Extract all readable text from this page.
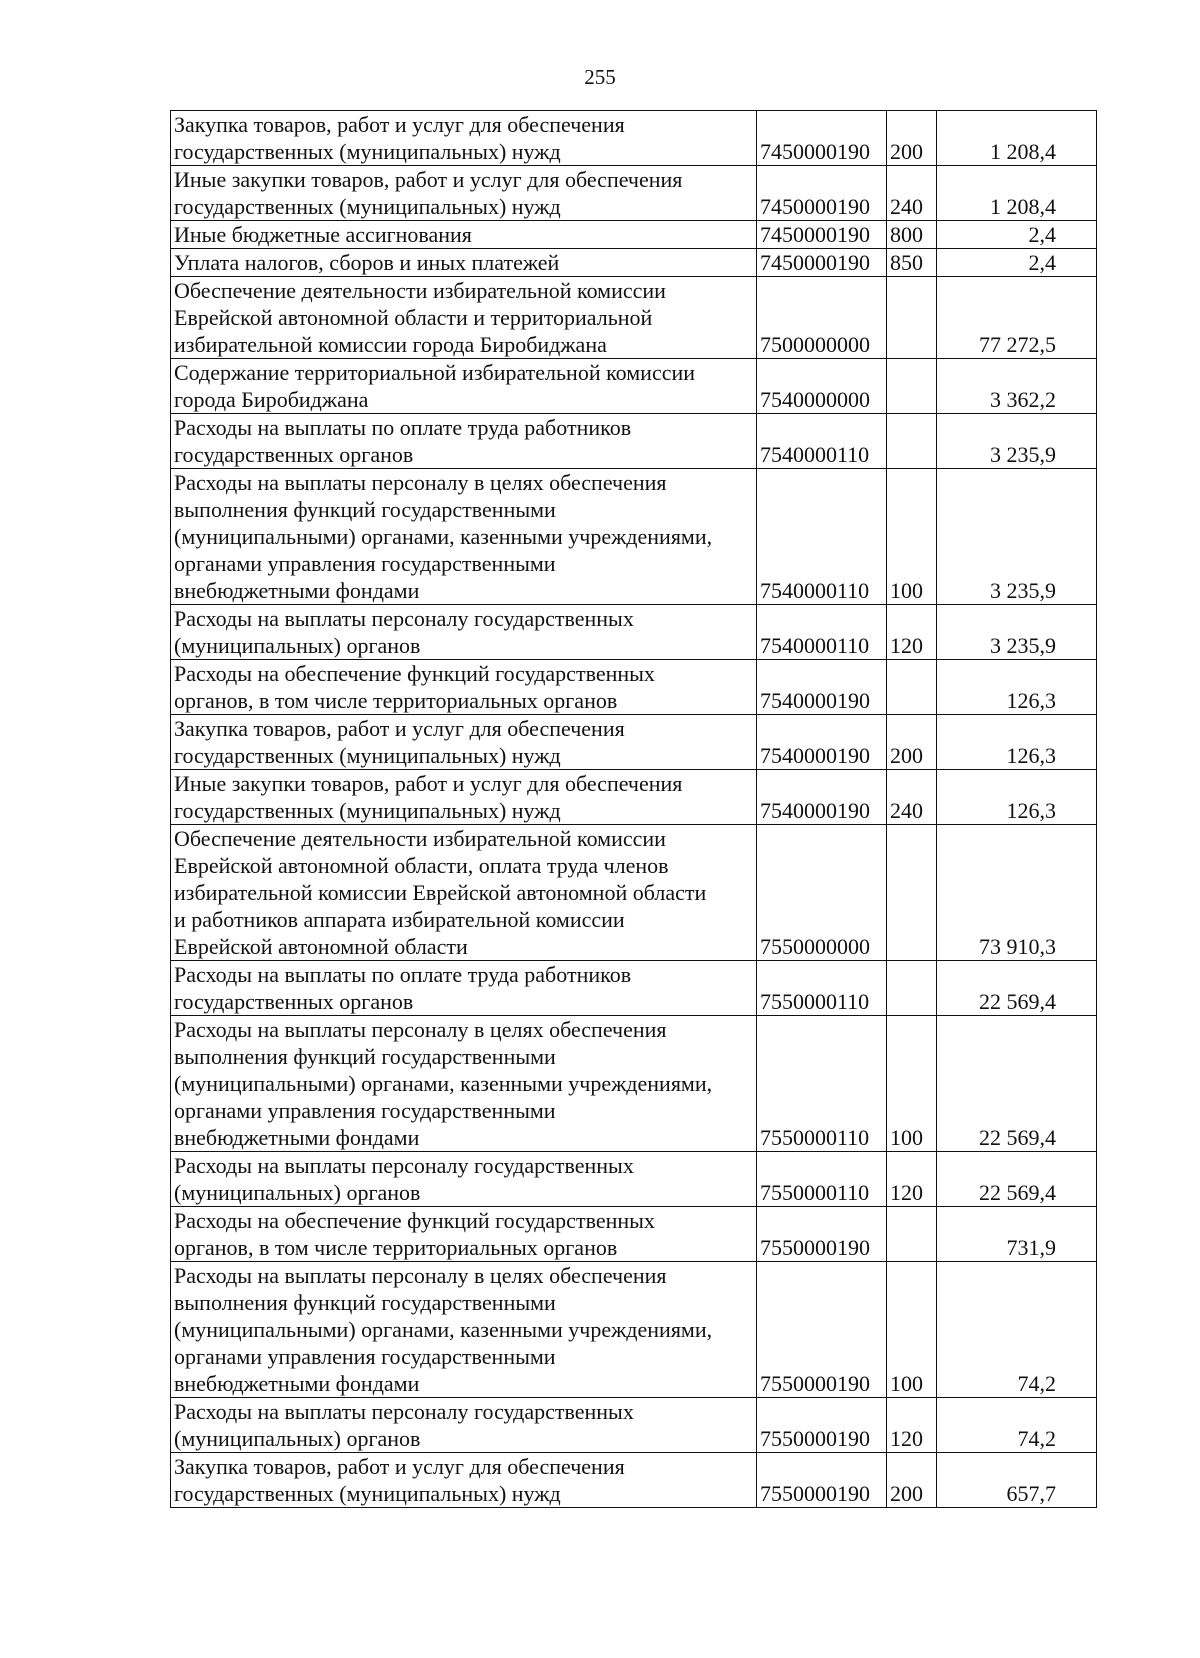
255
Закупка товаров, работ и услуг для обеспечения
государственных (муниципальных) нужд	7450000190	200	1 208,4

Иные закупки товаров, работ и услуг для обеспечения
государственных (муниципальных) нужд	7450000190	240	1 208,4

Иные бюджетные ассигнования	7450000190	800	2,4

Уплата налогов, сборов и иных платежей	7450000190	850	2,4

Обеспечение деятельности избирательной комиссии
Еврейской автономной области и территориальной
избирательной комиссии города Биробиджана	7500000000		77 272,5

Содержание территориальной избирательной комиссии
города Биробиджана	7540000000		3 362,2

Расходы на выплаты по оплате труда работников
государственных органов	7540000110		3 235,9

Расходы на выплаты персоналу в целях обеспечения
выполнения функций государственными
(муниципальными) органами, казенными учреждениями,
органами управления государственными
внебюджетными фондами	7540000110	100	3 235,9

Расходы на выплаты персоналу государственных
(муниципальных) органов	7540000110	120	3 235,9

Расходы на обеспечение функций государственных
органов, в том числе территориальных органов	7540000190		126,3

Закупка товаров, работ и услуг для обеспечения
государственных (муниципальных) нужд	7540000190	200	126,3

Иные закупки товаров, работ и услуг для обеспечения
государственных (муниципальных) нужд	7540000190	240	126,3

Обеспечение деятельности избирательной комиссии
Еврейской автономной области, оплата труда членов
избирательной комиссии Еврейской автономной области
и работников аппарата избирательной комиссии
Еврейской автономной области	7550000000		73 910,3

Расходы на выплаты по оплате труда работников
государственных органов	7550000110		22 569,4

Расходы на выплаты персоналу в целях обеспечения
выполнения функций государственными
(муниципальными) органами, казенными учреждениями,
органами управления государственными
внебюджетными фондами	7550000110	100	22 569,4

Расходы на выплаты персоналу государственных
(муниципальных) органов	7550000110	120	22 569,4

Расходы на обеспечение функций государственных
органов, в том числе территориальных органов	7550000190		731,9

Расходы на выплаты персоналу в целях обеспечения
выполнения функций государственными
(муниципальными) органами, казенными учреждениями,
органами управления государственными
внебюджетными фондами	7550000190	100	74,2

Расходы на выплаты персоналу государственных
(муниципальных) органов	7550000190	120	74,2

Закупка товаров, работ и услуг для обеспечения
государственных (муниципальных) нужд	7550000190	200	657,7
